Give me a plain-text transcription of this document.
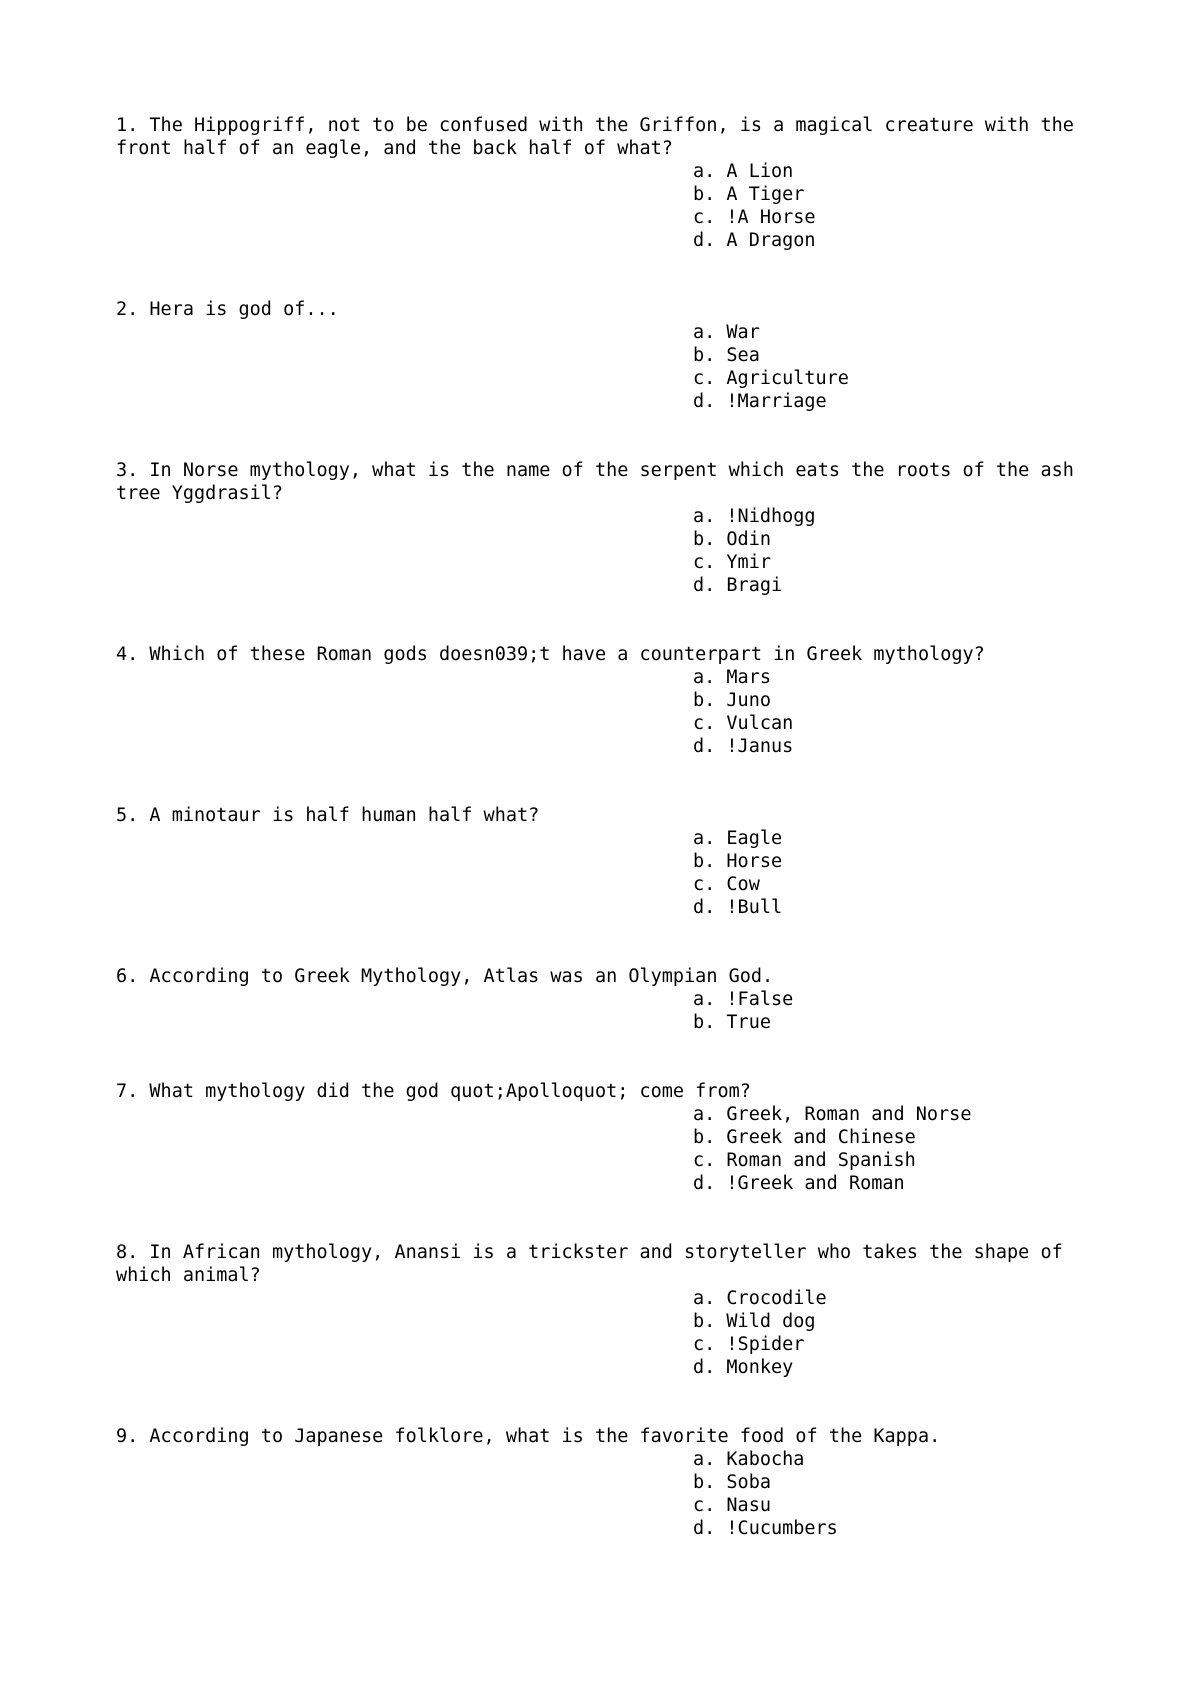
1. The Hippogriff, not to be confused with the Griffon, is a magical creature with the front half of an eagle, and the back half of what?
a. A Lion
b. A Tiger
c. !A Horse
d. A Dragon
2. Hera is god of...
a. War
b. Sea
c. Agriculture
d. !Marriage
3. In Norse mythology, what is the name of the serpent which eats the roots of the ash tree Yggdrasil?
a. !Nidhogg
b. Odin
c. Ymir
d. Bragi
4. Which of these Roman gods doesn039;t have a counterpart in Greek mythology?
a. Mars
b. Juno
c. Vulcan
d. !Janus
5. A minotaur is half human half what?
a. Eagle
b. Horse
c. Cow
d. !Bull
6. According to Greek Mythology, Atlas was an Olympian God.
a. !False
b. True
7. What mythology did the god quot;Apolloquot; come from?
a. Greek, Roman and Norse
b. Greek and Chinese
c. Roman and Spanish
d. !Greek and Roman
8. In African mythology, Anansi is a trickster and storyteller who takes the shape of which animal?
a. Crocodile
b. Wild dog
c. !Spider
d. Monkey
9. According to Japanese folklore, what is the favorite food of the Kappa.
a. Kabocha
b. Soba
c. Nasu
d. !Cucumbers
